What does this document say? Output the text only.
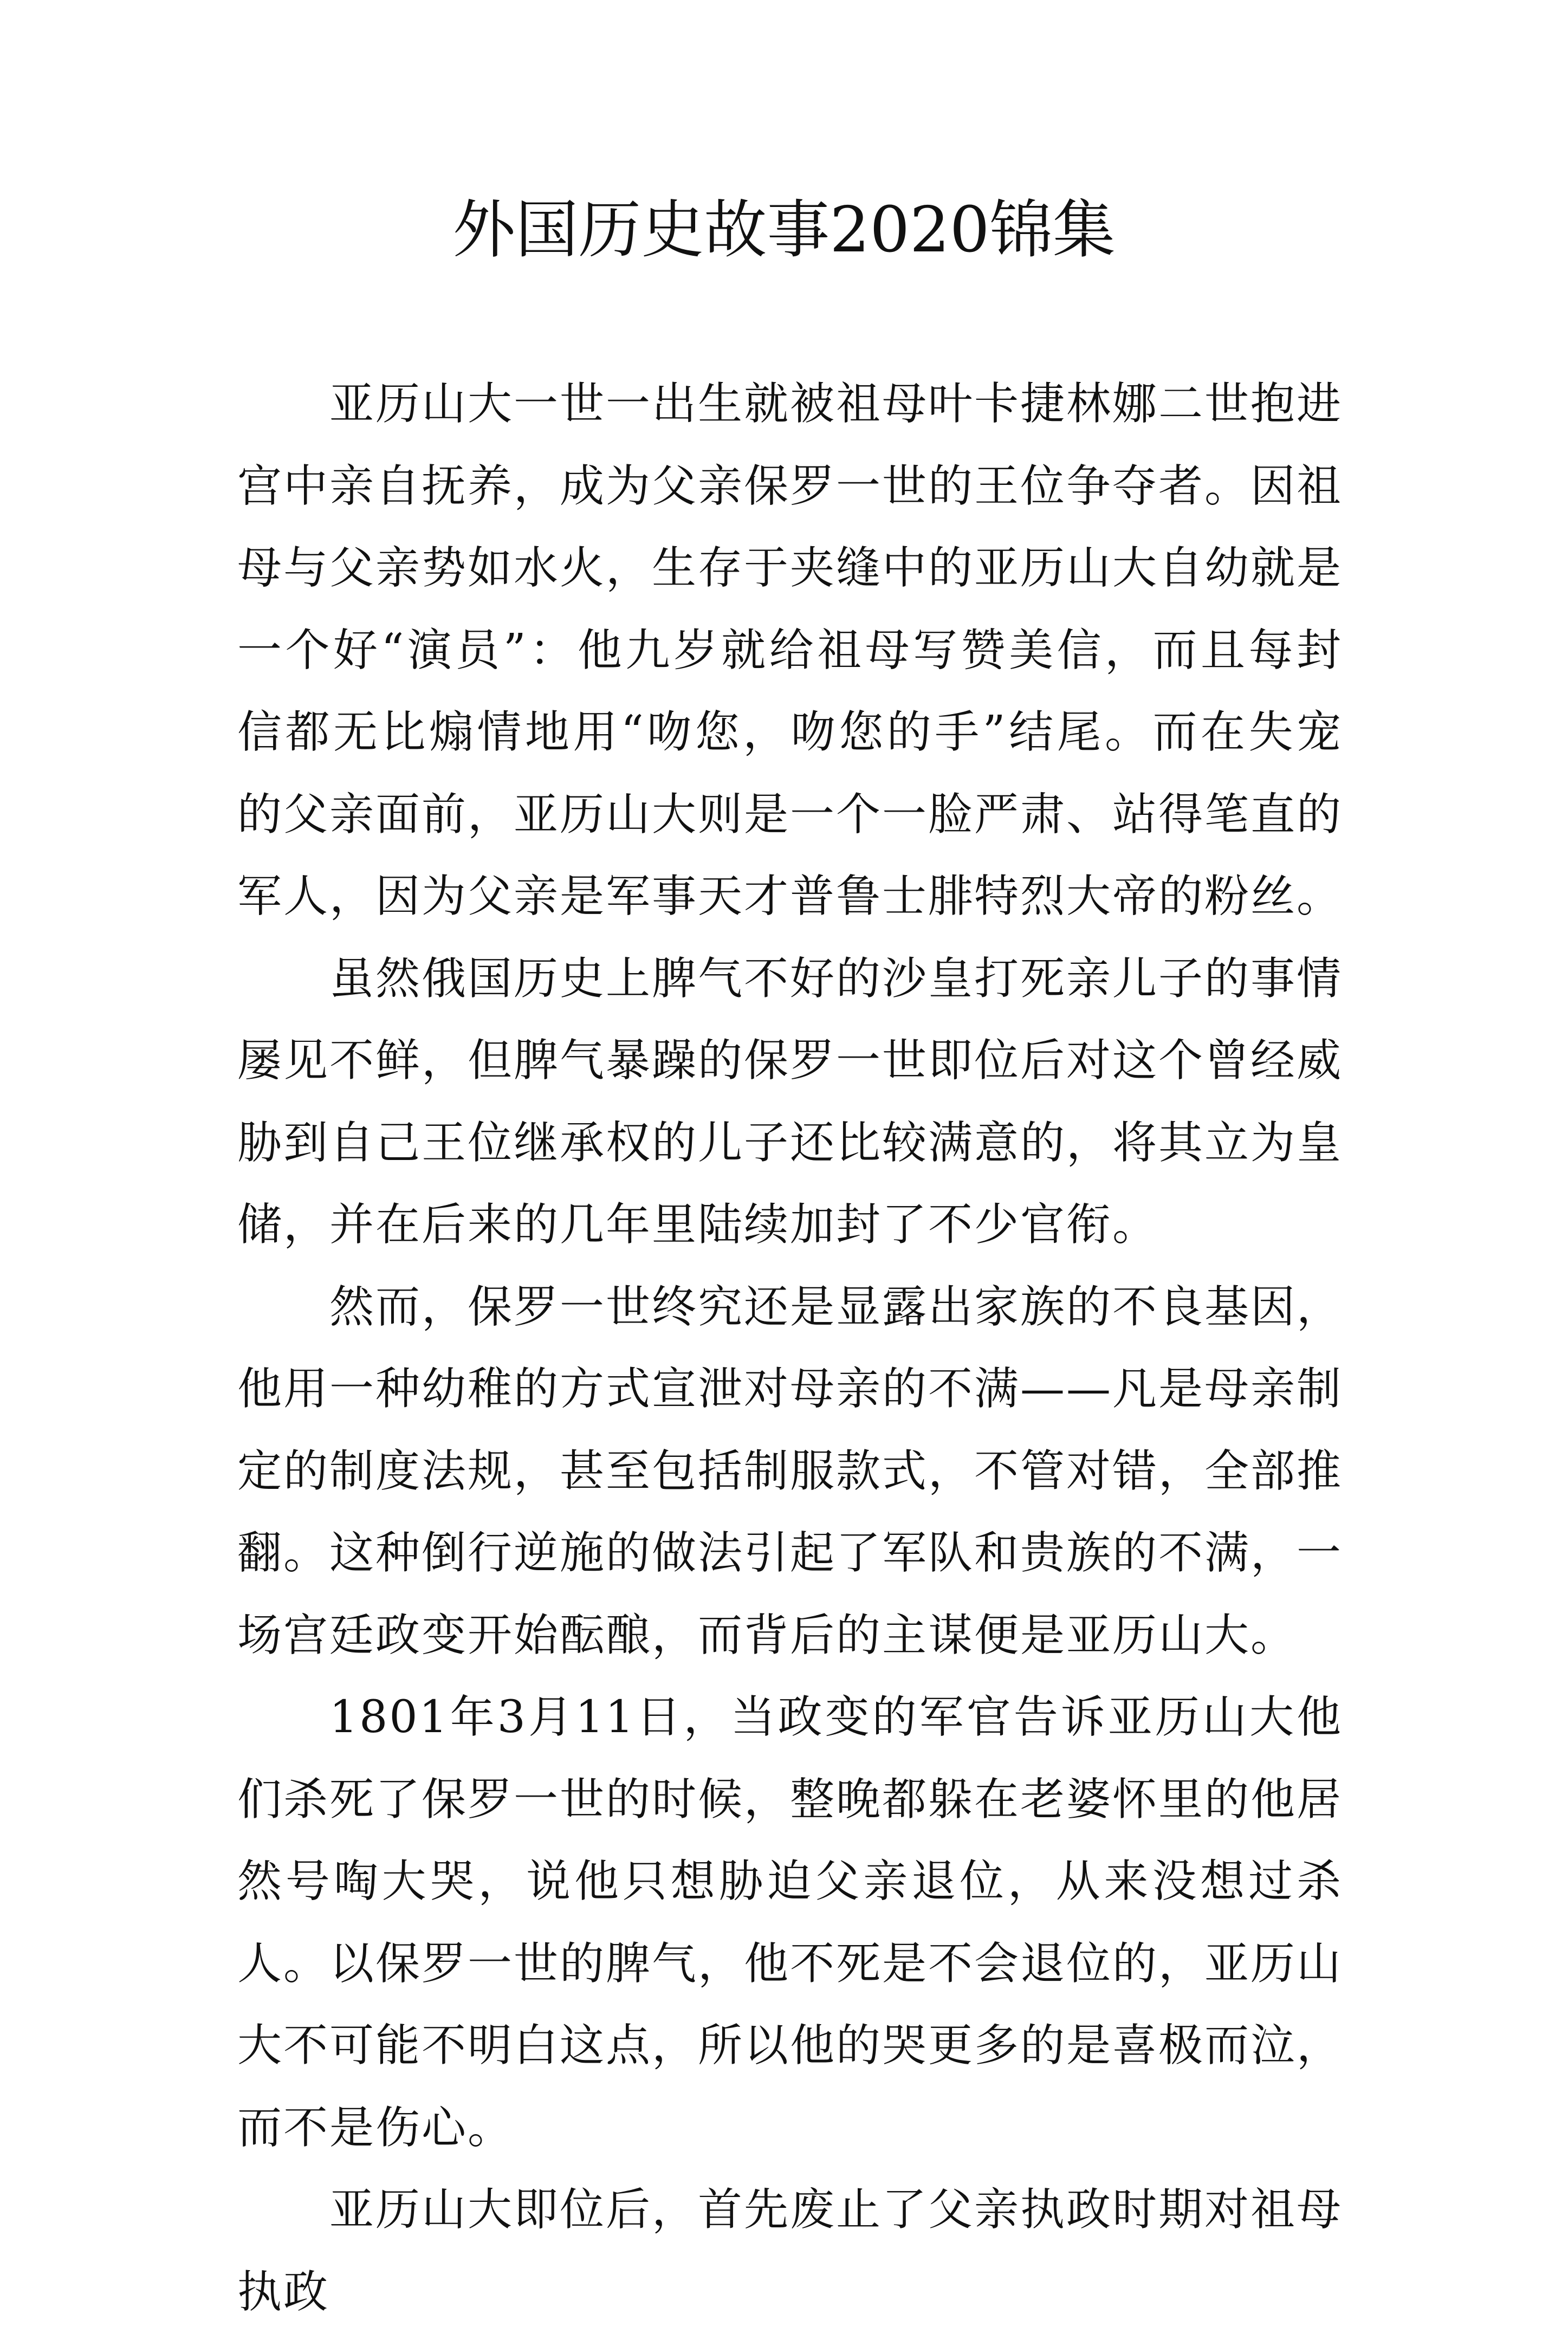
外国历史故事2020锦集

亚历山大一世一出生就被祖母叶卡捷林娜二世抱进宫中亲自抚养，成为父亲保罗一世的王位争夺者。因祖母与父亲势如水火，生存于夹缝中的亚历山大自幼就是一个好“演员”：他九岁就给祖母写赞美信，而且每封信都无比煽情地用“吻您，吻您的手”结尾。而在失宠的父亲面前，亚历山大则是一个一脸严肃、站得笔直的军人，因为父亲是军事天才普鲁士腓特烈大帝的粉丝。

虽然俄国历史上脾气不好的沙皇打死亲儿子的事情屡见不鲜，但脾气暴躁的保罗一世即位后对这个曾经威胁到自己王位继承权的儿子还比较满意的，将其立为皇储，并在后来的几年里陆续加封了不少官衔。

然而，保罗一世终究还是显露出家族的不良基因，他用一种幼稚的方式宣泄对母亲的不满——凡是母亲制定的制度法规，甚至包括制服款式，不管对错，全部推翻。这种倒行逆施的做法引起了军队和贵族的不满，一场宫廷政变开始酝酿，而背后的主谋便是亚历山大。

1801年3月11日，当政变的军官告诉亚历山大他们杀死了保罗一世的时候，整晚都躲在老婆怀里的他居然号啕大哭，说他只想胁迫父亲退位，从来没想过杀人。以保罗一世的脾气，他不死是不会退位的，亚历山大不可能不明白这点，所以他的哭更多的是喜极而泣，而不是伤心。

亚历山大即位后，首先废止了父亲执政时期对祖母执政
